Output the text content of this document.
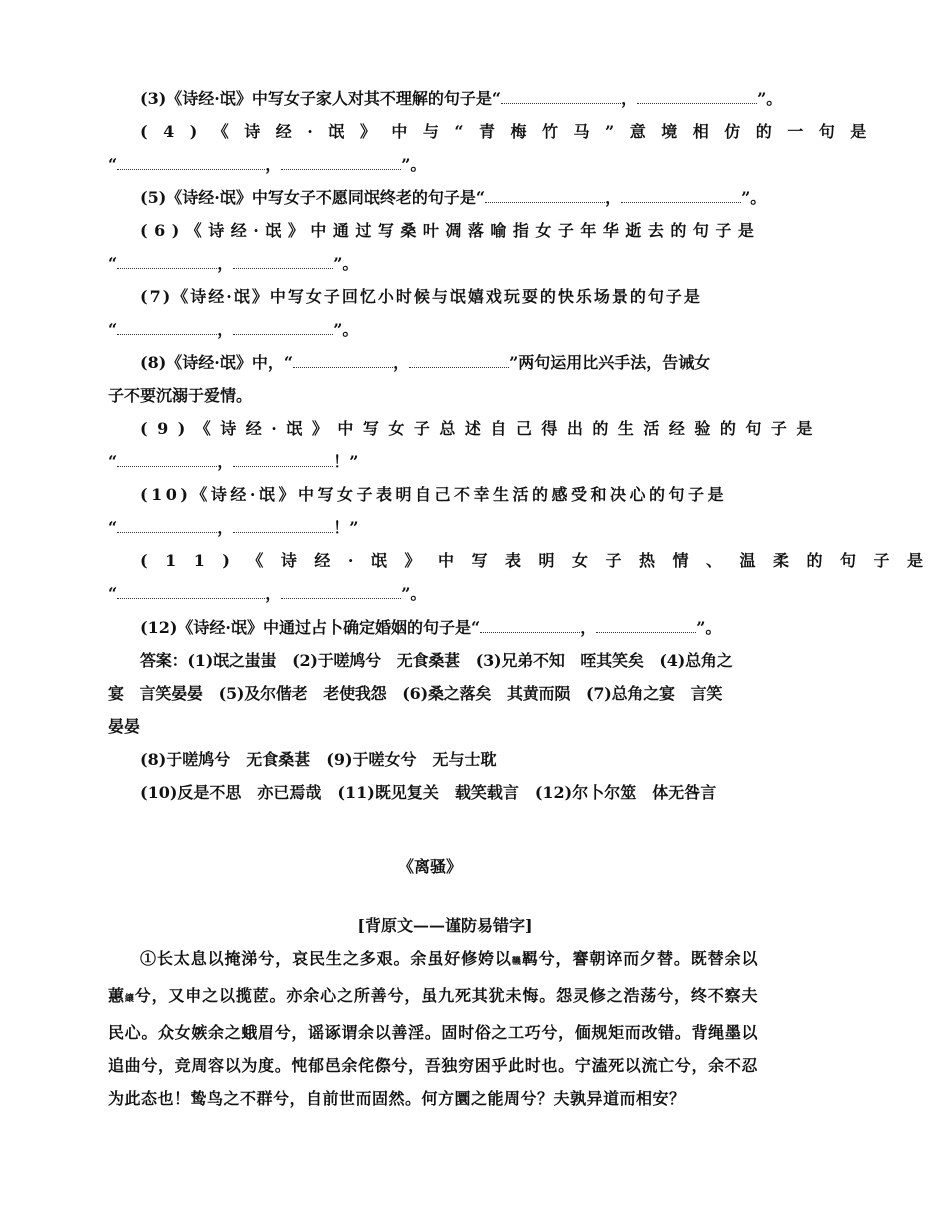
(3)《诗经·氓》中写女子家人对其不理解的句子是“	，	”。
(4)《诗经·氓》中与“青梅竹马”意境相仿的一句是
“	，	”。
(5)《诗经·氓》中写女子不愿同氓终老的句子是“	，	”。
(6)《诗经·氓》中通过写桑叶凋落喻指女子年华逝去的句子是
“	，	”。
(7)《诗经·氓》中写女子回忆小时候与氓嬉戏玩耍的快乐场景的句子是
“	，	”。
(8)《诗经·氓》中，“	，	”两句运用比兴手法，告诫女
子不要沉溺于爱情。
(9)《诗经·氓》中写女子总述自己得出的生活经验的句子是
“	，	！”
(10)《诗经·氓》中写女子表明自己不幸生活的感受和决心的句子是
“	，	！”
(11)《诗经·氓》中写表明女子热情、温柔的句子是
“	，	”。
(12)《诗经·氓》中通过占卜确定婚姻的句子是“	，	”。

答案：(1)氓之蚩蚩　(2)于嗟鸠兮　无食桑葚　(3)兄弟不知　咥其笑矣　(4)总角之

宴　言笑晏晏　(5)及尔偕老　老使我怨　(6)桑之落矣　其黄而陨　(7)总角之宴　言笑

晏晏

(8)于嗟鸠兮　无食桑葚　(9)于嗟女兮　无与士耽

(10)反是不思　亦已焉哉　(11)既见复关　载笑载言　(12)尔卜尔筮　体无咎言

《离骚》
[背原文——谨防易错字]
①长太息以掩涕兮，哀民生之多艰。余虽好修姱以鞿羁兮，謇朝谇而夕替。既替余以蕙纕兮，又申之以揽茝。亦余心之所善兮，虽九死其犹未悔。怨灵修之浩荡兮，终不察夫民心。众女嫉余之蛾眉兮，谣诼谓余以善淫。固时俗之工巧兮，偭规矩而改错。背绳墨以追曲兮，竞周容以为度。忳郁邑余侘傺兮，吾独穷困乎此时也。宁溘死以流亡兮，余不忍为此态也！鸷鸟之不群兮，自前世而固然。何方圜之能周兮？夫孰异道而相安？
